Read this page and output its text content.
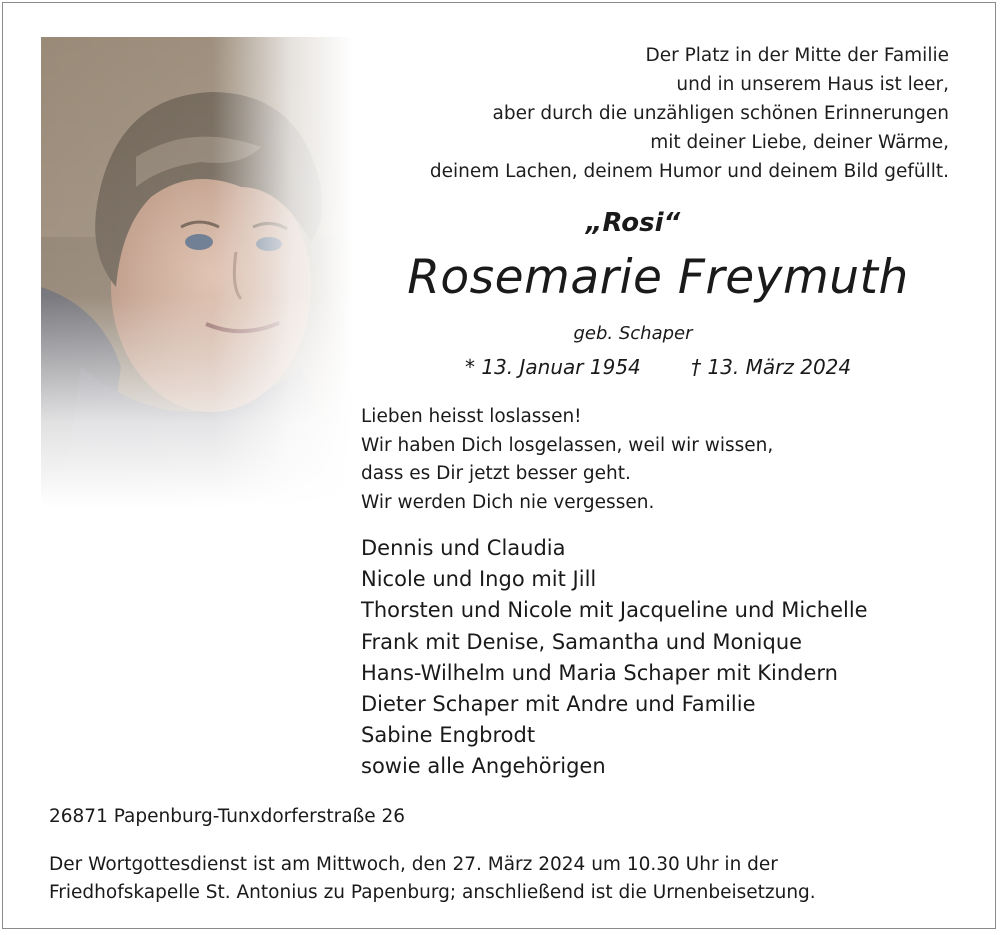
Der Platz in der Mitte der Familie
und in unserem Haus ist leer,
aber durch die unzähligen schönen Erinnerungen
mit deiner Liebe, deiner Wärme,
deinem Lachen, deinem Humor und deinem Bild gefüllt.
„Rosi“
Rosemarie Freymuth
geb. Schaper
* 13. Januar 1954	† 13. März 2024
Lieben heisst loslassen!
Wir haben Dich losgelassen, weil wir wissen,
dass es Dir jetzt besser geht.
Wir werden Dich nie vergessen.
Dennis und Claudia
Nicole und Ingo mit Jill
Thorsten und Nicole mit Jacqueline und Michelle
Frank mit Denise, Samantha und Monique
Hans-Wilhelm und Maria Schaper mit Kindern
Dieter Schaper mit Andre und Familie
Sabine Engbrodt
sowie alle Angehörigen
26871 Papenburg-Tunxdorferstraße 26
Der Wortgottesdienst ist am Mittwoch, den 27. März 2024 um 10.30 Uhr in der
Friedhofskapelle St. Antonius zu Papenburg; anschließend ist die Urnenbeisetzung.
